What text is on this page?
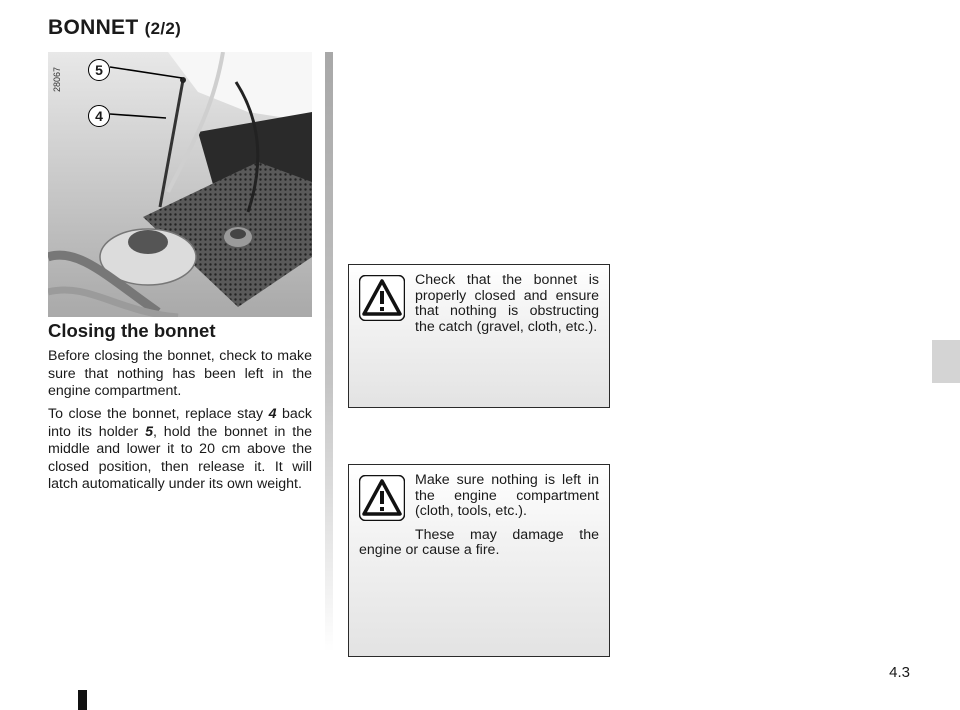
BONNET (2/2)
28067	5
4
Closing the bonnet

Before closing the bonnet, check to make sure that nothing has been left in the engine compartment.

To close the bonnet, replace stay 4 back into its holder 5, hold the bonnet in the middle and lower it to 20 cm above the closed position, then release it. It will latch automatically under its own weight.

Check that the bonnet is properly closed and ensure that nothing is obstructing the catch (gravel, cloth, etc.).

Make sure nothing is left in the engine compartment (cloth, tools, etc.).

These may damage the engine or cause a fire.

4.3
